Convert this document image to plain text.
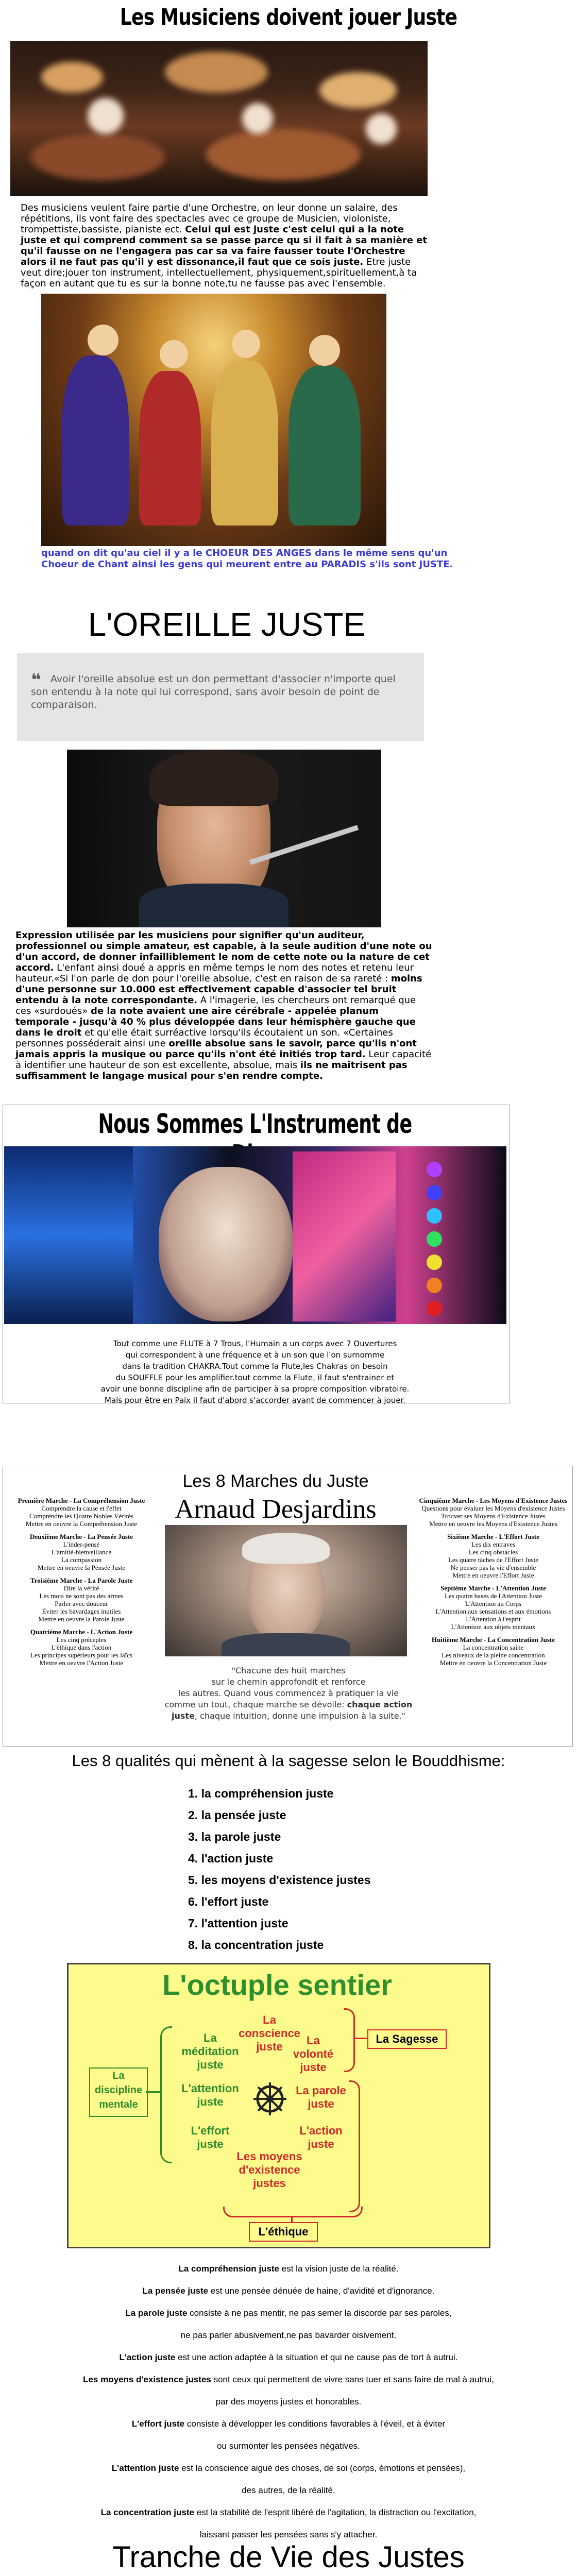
Les Musiciens doivent jouer Juste
Des musiciens veulent faire partie d'une Orchestre, on leur donne un salaire, des répétitions, ils vont faire des spectacles avec ce groupe de Musicien, violoniste, trompettiste,bassiste, pianiste ect. Celui qui est juste c'est celui qui a la note juste et qui comprend comment sa se passe parce qu si il fait à sa manière et qu'il fausse on ne l'engagera pas car sa va faire fausser toute l'Orchestre alors il ne faut pas qu'il y est dissonance,il faut que ce sois juste. Etre juste veut dire;jouer ton instrument, intellectuellement, physiquement,spirituellement,à ta façon en autant que tu es sur la bonne note,tu ne fausse pas avec l'ensemble.
quand on dit qu'au ciel il y a le CHOEUR DES ANGES dans le même sens qu'un Choeur de Chant ainsi les gens qui meurent entre au PARADIS s'ils sont JUSTE.
L'OREILLE JUSTE
❝ Avoir l'oreille absolue est un don permettant d'associer n'importe quel son entendu à la note qui lui correspond, sans avoir besoin de point de comparaison.
Expression utilisée par les musiciens pour signifier qu'un auditeur, professionnel ou simple amateur, est capable, à la seule audition d'une note ou d'un accord, de donner infailliblement le nom de cette note ou la nature de cet accord. L'enfant ainsi doué a appris en même temps le nom des notes et retenu leur hauteur.«Si l'on parle de don pour l'oreille absolue, c'est en raison de sa rareté : moins d'une personne sur 10.000 est effectivement capable d'associer tel bruit entendu à la note correspondante. A l'imagerie, les chercheurs ont remarqué que ces «surdoués» de la note avaient une aire cérébrale - appelée planum temporale - jusqu'à 40 % plus développée dans leur hémisphère gauche que dans le droit et qu'elle était surréactive lorsqu'ils écoutaient un son. «Certaines personnes posséderait ainsi une oreille absolue sans le savoir, parce qu'ils n'ont jamais appris la musique ou parce qu'ils n'ont été initiés trop tard. Leur capacité à identifier une hauteur de son est excellente, absolue, mais ils ne maîtrisent pas suffisamment le langage musical pour s'en rendre compte.
Nous Sommes L'Instrument de
Tout comme une FLUTE à 7 Trous, l'Humain a un corps avec 7 Ouvertures
qui correspondent à une fréquence et à un son que l'on surnomme
dans la tradition CHAKRA.Tout comme la Flute,les Chakras on besoin
du SOUFFLE pour les amplifier.tout comme la Flute, il faut s'entrainer et
avoir une bonne discipline afin de participer à sa propre composition vibratoire.
Mais pour être en Paix il faut d'abord s'accorder avant de commencer à jouer.
Les 8 Marches du Juste
Arnaud Desjardins
Première Marche - La Compréhension Juste
Comprendre la cause et l'effet
Comprendre les Quatre Nobles Vérités
Mettre en oeuvre la Compréhension Juste
Deuxième Marche - La Pensée Juste
L'inder-pensé
L'amitié-bienveillance
La compassion
Mettre en oeuvre la Pensée Juste
Troisième Marche - La Parole Juste
Dire la vérité
Les mots ne sont pas des armes
Parler avec douceur
Éviter les bavardages inutiles
Mettre en oeuvre la Parole Juste
Quatrième Marche - L'Action Juste
Les cinq préceptes
L'éthique dans l'action
Les principes supérieurs pour les laïcs
Mettre en oeuvre l'Action Juste
"Chacune des huit marches
sur le chemin approfondit et renforce
les autres. Quand vous commencez à pratiquer la vie
comme un tout, chaque marche se dévoile: chaque action juste, chaque intuition, donne une impulsion à la suite."
Cinquième Marche - Les Moyens d'Existence Justes
Questions pour évaluer les Moyens d'existence Justes
Trouver ses Moyens d'Existence Justes
Mettre en oeuvre les Moyens d'Existence Justes
Sixième Marche - L'Effort Juste
Les dix entraves
Les cinq obstacles
Les quatre tâches de l'Effort Juste
Ne penser pas la vie d'ensemble
Mettre en oeuvre l'Effort Juste
Septième Marche - L'Attention Juste
Les quatre bases de l'Attention Juste
L'Attention au Corps
L'Attention aux sensations et aux émotions
L'Attention à l'esprit
L'Attention aux objets mentaux
Huitième Marche - La Concentration Juste
La concentration saine
Les niveaux de la pleine concentration
Mettre en oeuvre la Concentration Juste
Les 8 qualités qui mènent à la sagesse selon le Bouddhisme:
1. la compréhension juste
2. la pensée juste
3. la parole juste
4. l'action juste
5. les moyens d'existence justes
6. l'effort juste
7. l'attention juste
8. la concentration juste
La
discipline
mentale
La
méditation
juste
L'attention
juste
L'effort
juste
La
conscience
juste	La
volonté
juste
La parole
juste
L'action
juste
Les moyens
d'existence
justes
La Sagesse
L'éthique
L'octuple sentier

La compréhension juste est la vision juste de la réalité.

La pensée juste est une pensée dénuée de haine, d'avidité et d'ignorance.

La parole juste consiste à ne pas mentir, ne pas semer la discorde par ses paroles,

ne pas parler abusivement,ne pas bavarder oisivement.

L'action juste est une action adaptée à la situation et qui ne cause pas de tort à autrui.

Les moyens d'existence justes sont ceux qui permettent de vivre sans tuer et sans faire de mal à autrui,

par des moyens justes et honorables.

L'effort juste consiste à développer les conditions favorables à l'éveil, et à éviter

ou surmonter les pensées négatives.

L'attention juste est la conscience aigué des choses, de soi (corps, émotions et pensées),

des autres, de la réalité.

La concentration juste est la stabilité de l'esprit libéré de l'agitation, la distraction ou l'excitation,

laissant passer les pensées sans s'y attacher.

Tranche de Vie des Justes
